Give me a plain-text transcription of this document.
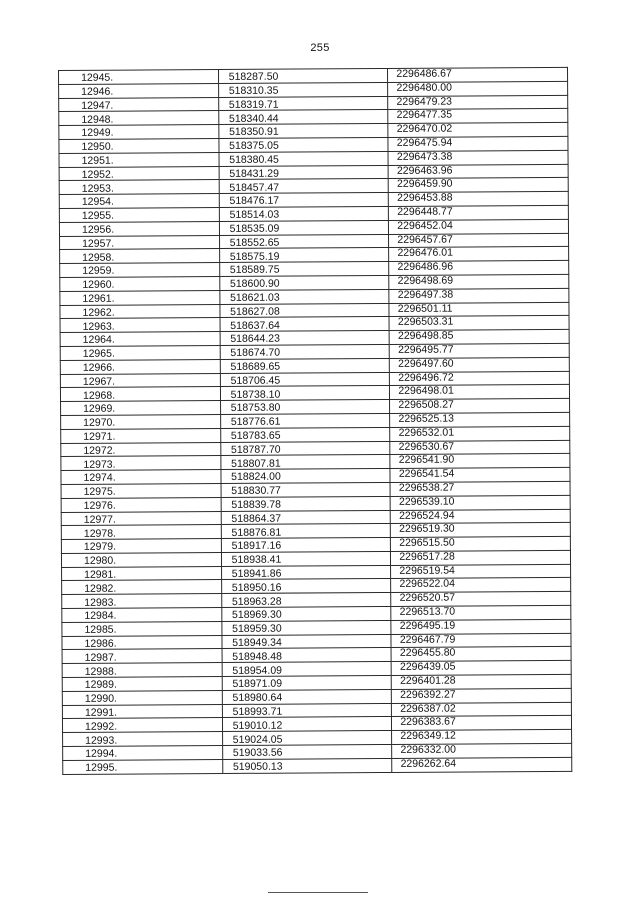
255
12945.	518287.50	2296486.67
12946.	518310.35	2296480.00
12947.	518319.71	2296479.23
12948.	518340.44	2296477.35
12949.	518350.91	2296470.02
12950.	518375.05	2296475.94
12951.	518380.45	2296473.38
12952.	518431.29	2296463.96
12953.	518457.47	2296459.90
12954.	518476.17	2296453.88
12955.	518514.03	2296448.77
12956.	518535.09	2296452.04
12957.	518552.65	2296457.67
12958.	518575.19	2296476.01
12959.	518589.75	2296486.96
12960.	518600.90	2296498.69
12961.	518621.03	2296497.38
12962.	518627.08	2296501.11
12963.	518637.64	2296503.31
12964.	518644.23	2296498.85
12965.	518674.70	2296495.77
12966.	518689.65	2296497.60
12967.	518706.45	2296496.72
12968.	518738.10	2296498.01
12969.	518753.80	2296508.27
12970.	518776.61	2296525.13
12971.	518783.65	2296532.01
12972.	518787.70	2296530.67
12973.	518807.81	2296541.90
12974.	518824.00	2296541.54
12975.	518830.77	2296538.27
12976.	518839.78	2296539.10
12977.	518864.37	2296524.94
12978.	518876.81	2296519.30
12979.	518917.16	2296515.50
12980.	518938.41	2296517.28
12981.	518941.86	2296519.54
12982.	518950.16	2296522.04
12983.	518963.28	2296520.57
12984.	518969.30	2296513.70
12985.	518959.30	2296495.19
12986.	518949.34	2296467.79
12987.	518948.48	2296455.80
12988.	518954.09	2296439.05
12989.	518971.09	2296401.28
12990.	518980.64	2296392.27
12991.	518993.71	2296387.02
12992.	519010.12	2296383.67
12993.	519024.05	2296349.12
12994.	519033.56	2296332.00
12995.	519050.13	2296262.64
